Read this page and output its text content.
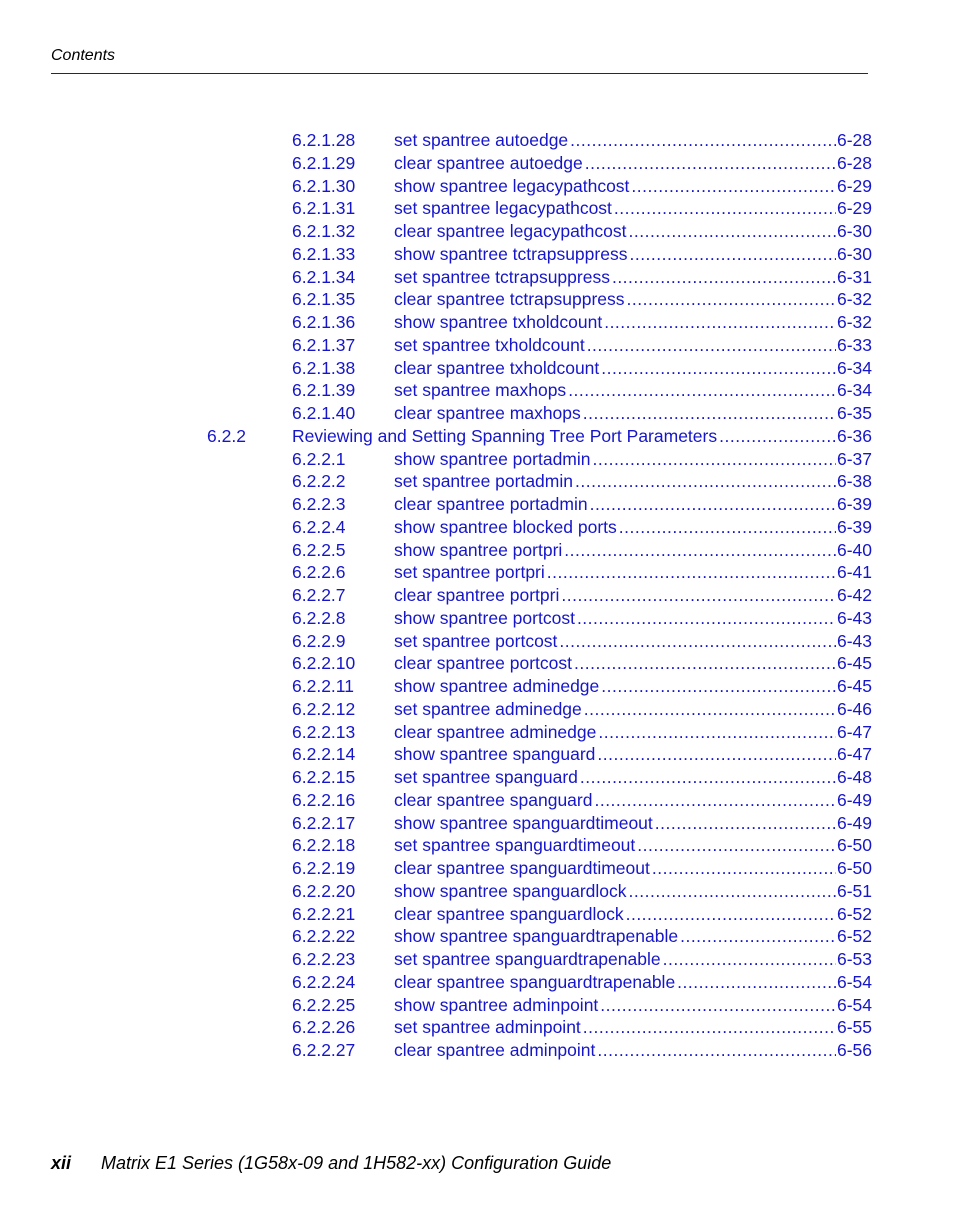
Contents
6.2.1.28 set spantree autoedge .....	6-28
6.2.1.29 clear spantree autoedge .....	6-28
6.2.1.30 show spantree legacypathcost .....	6-29
6.2.1.31 set spantree legacypathcost .....	6-29
6.2.1.32 clear spantree legacypathcost .....	6-30
6.2.1.33 show spantree tctrapsuppress .....	6-30
6.2.1.34 set spantree tctrapsuppress .....	6-31
6.2.1.35 clear spantree tctrapsuppress .....	6-32
6.2.1.36 show spantree txholdcount .....	6-32
6.2.1.37 set spantree txholdcount .....	6-33
6.2.1.38 clear spantree txholdcount .....	6-34
6.2.1.39 set spantree maxhops .....	6-34
6.2.1.40 clear spantree maxhops .....	6-35
6.2.2	Reviewing and Setting Spanning Tree Port Parameters .....	6-36
6.2.2.1	show spantree portadmin .....	6-37
6.2.2.2	set spantree portadmin .....	6-38
6.2.2.3	clear spantree portadmin .....	6-39
6.2.2.4	show spantree blocked ports .....	6-39
6.2.2.5	show spantree portpri .....	6-40
6.2.2.6	set spantree portpri .....	6-41
6.2.2.7	clear spantree portpri .....	6-42
6.2.2.8	show spantree portcost .....	6-43
6.2.2.9	set spantree portcost .....	6-43
6.2.2.10 clear spantree portcost .....	6-45
6.2.2.11 show spantree adminedge .....	6-45
6.2.2.12 set spantree adminedge .....	6-46
6.2.2.13 clear spantree adminedge .....	6-47
6.2.2.14 show spantree spanguard .....	6-47
6.2.2.15 set spantree spanguard .....	6-48
6.2.2.16 clear spantree spanguard .....	6-49
6.2.2.17 show spantree spanguardtimeout .....	6-49
6.2.2.18 set spantree spanguardtimeout .....	6-50
6.2.2.19 clear spantree spanguardtimeout .....	6-50
6.2.2.20 show spantree spanguardlock .....	6-51
6.2.2.21 clear spantree spanguardlock .....	6-52
6.2.2.22 show spantree spanguardtrapenable .....	6-52
6.2.2.23 set spantree spanguardtrapenable .....	6-53
6.2.2.24 clear spantree spanguardtrapenable .....	6-54
6.2.2.25 show spantree adminpoint .....	6-54
6.2.2.26 set spantree adminpoint .....	6-55
6.2.2.27 clear spantree adminpoint .....	6-56
xii Matrix E1 Series (1G58x-09 and 1H582-xx) Configuration Guide
